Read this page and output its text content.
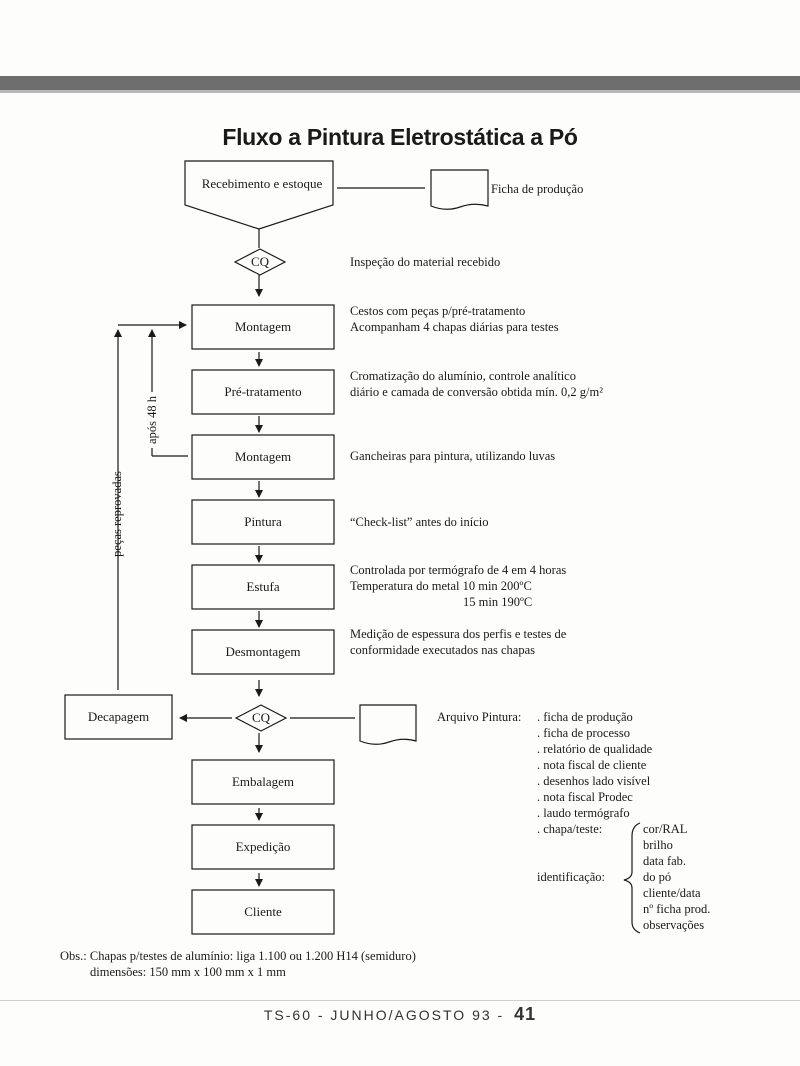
Fluxo a Pintura Eletrostática a Pó
Recebimento e estoque	Ficha de produção
CQ
Montagem
Pré-tratamento
Montagem
Pintura
Estufa
Desmontagem
CQ
Decapagem
Embalagem
Expedição
Cliente
após 48 h
peças reprovadas
Inspeção do material recebido
Cestos com peças p/pré-tratamento
Acompanham 4 chapas diárias para testes
Cromatização do alumínio, controle analítico
diário e camada de conversão obtida mín. 0,2 g/m²
Gancheiras para pintura, utilizando luvas
“Check-list” antes do início
Controlada por termógrafo de 4 em 4 horas
Temperatura do metal 10 min 200ºC
15 min 190ºC
Medição de espessura dos perfis e testes de
conformidade executados nas chapas
Arquivo Pintura: . ficha de produção
. ficha de processo
. relatório de qualidade
. nota fiscal de cliente
. desenhos lado visível
. nota fiscal Prodec
. laudo termógrafo
. chapa/teste:	cor/RAL
brilho
data fab.
do pó
identificação:
cliente/data
nº ficha prod.
observações
Obs.: Chapas p/testes de alumínio: liga 1.100 ou 1.200 H14 (semiduro)
dimensões: 150 mm x 100 mm x 1 mm
TS-60 - JUNHO/AGOSTO 93 - 41
